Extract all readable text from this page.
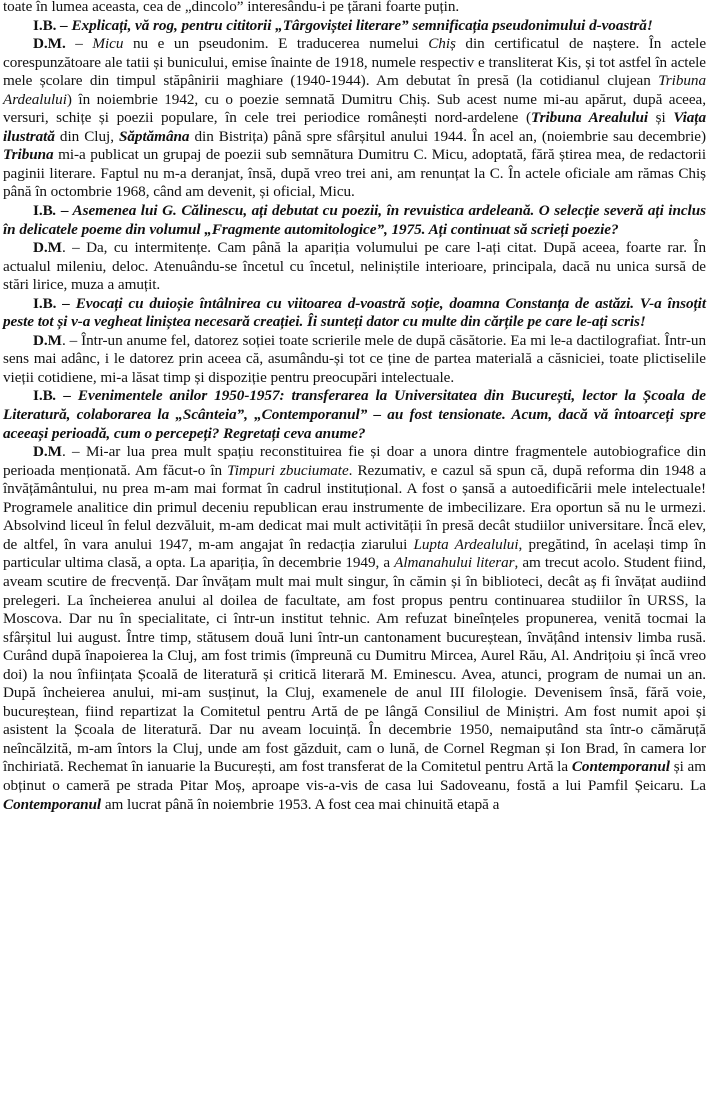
toate în lumea aceasta, cea de „dincolo” interesându-i pe țărani foarte puțin.

I.B. – Explicați, vă rog, pentru cititorii „Târgoviștei literare” semnificația pseudonimului d-voastră!

D.M. – Micu nu e un pseudonim. E traducerea numelui Chiș din certificatul de naștere. În actele corespunzătoare ale tatii și bunicului, emise înainte de 1918, numele respectiv e transliterat Kis, și tot astfel în actele mele școlare din timpul stăpânirii maghiare (1940-1944). Am debutat în presă (la cotidianul clujean Tribuna Ardealului) în noiembrie 1942, cu o poezie semnată Dumitru Chiș. Sub acest nume mi-au apărut, după aceea, versuri, schițe și poezii populare, în cele trei periodice românești nord-ardelene (Tribuna Arealului și Viața ilustrată din Cluj, Săptămâna din Bistrița) până spre sfârșitul anului 1944. În acel an, (noiembrie sau decembrie) Tribuna mi-a publicat un grupaj de poezii sub semnătura Dumitru C. Micu, adoptată, fără știrea mea, de redactorii paginii literare. Faptul nu m-a deranjat, însă, după vreo trei ani, am renunțat la C. În actele oficiale am rămas Chiș până în octombrie 1968, când am devenit, și oficial, Micu.

I.B. – Asemenea lui G. Călinescu, ați debutat cu poezii, în revuistica ardeleană. O selecție severă ați inclus în delicatele poeme din volumul „Fragmente automitologice”, 1975. Ați continuat să scrieți poezie?

D.M. – Da, cu intermitențe. Cam până la apariția volumului pe care l-ați citat. După aceea, foarte rar. În actualul mileniu, deloc. Atenuându-se încetul cu încetul, neliniștile interioare, principala, dacă nu unica sursă de stări lirice, muza a amuțit.

I.B. – Evocați cu duioșie întâlnirea cu viitoarea d-voastră soție, doamna Constanța de astăzi. V-a însoțit peste tot și v-a vegheat liniștea necesară creației. Îi sunteți dator cu multe din cărțile pe care le-ați scris!

D.M. – Într-un anume fel, datorez soției toate scrierile mele de după căsătorie. Ea mi le-a dactilografiat. Într-un sens mai adânc, i le datorez prin aceea că, asumându-și tot ce ține de partea materială a căsniciei, toate plictiselile vieții cotidiene, mi-a lăsat timp și dispoziție pentru preocupări intelectuale.

I.B. – Evenimentele anilor 1950-1957: transferarea la Universitatea din București, lector la Școala de Literatură, colaborarea la „Scânteia”, „Contemporanul” – au fost tensionate. Acum, dacă vă întoarceți spre aceeași perioadă, cum o percepeți? Regretați ceva anume?

D.M. – Mi-ar lua prea mult spațiu reconstituirea fie și doar a unora dintre fragmentele autobiografice din perioada menționată. Am făcut-o în Timpuri zbuciumate. Rezumativ, e cazul să spun că, după reforma din 1948 a învățământului, nu prea m-am mai format în cadrul instituțional. A fost o șansă a autoedificării mele intelectuale! Programele analitice din primul deceniu republican erau instrumente de imbecilizare. Era oportun să nu le urmezi. Absolvind liceul în felul dezvăluit, m-am dedicat mai mult activității în presă decât studiilor universitare. Încă elev, de altfel, în vara anului 1947, m-am angajat în redacția ziarului Lupta Ardealului, pregătind, în același timp în particular ultima clasă, a opta. La apariția, în decembrie 1949, a Almanahului literar, am trecut acolo. Student fiind, aveam scutire de frecvență. Dar învățam mult mai mult singur, în cămin și în biblioteci, decât aș fi învățat audiind prelegeri. La încheierea anului al doilea de facultate, am fost propus pentru continuarea studiilor în URSS, la Moscova. Dar nu în specialitate, ci într-un institut tehnic. Am refuzat bineînțeles propunerea, venită tocmai la sfârșitul lui august. Între timp, stătusem două luni într-un cantonament bucureștean, învățând intensiv limba rusă. Curând după înapoierea la Cluj, am fost trimis (împreună cu Dumitru Mircea, Aurel Rău, Al. Andrițoiu și încă vreo doi) la nou înființata Școală de literatură și critică literară M. Eminescu. Avea, atunci, program de numai un an. După încheierea anului, mi-am susținut, la Cluj, examenele de anul III filologie. Devenisem însă, fără voie, bucureștean, fiind repartizat la Comitetul pentru Artă de pe lângă Consiliul de Miniștri. Am fost numit apoi și asistent la Școala de literatură. Dar nu aveam locuință. În decembrie 1950, nemaiputând sta într-o cămăruță neîncălzită, m-am întors la Cluj, unde am fost găzduit, cam o lună, de Cornel Regman și Ion Brad, în camera lor închiriată. Rechemat în ianuarie la București, am fost transferat de la Comitetul pentru Artă la Contemporanul și am obținut o cameră pe strada Pitar Moș, aproape vis-a-vis de casa lui Sadoveanu, fostă a lui Pamfil Șeicaru. La Contemporanul am lucrat până în noiembrie 1953. A fost cea mai chinuită etapă a
